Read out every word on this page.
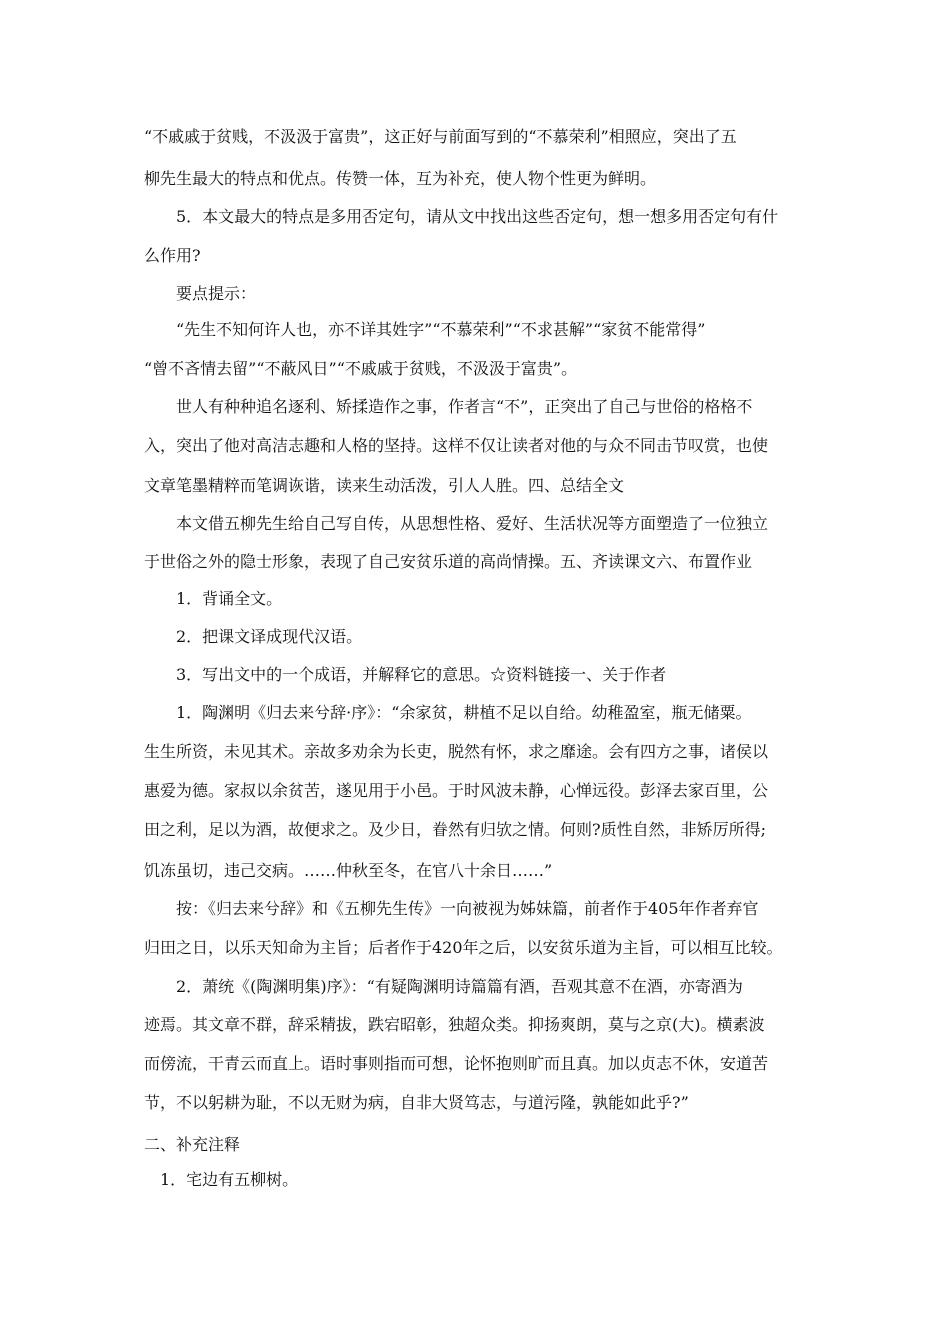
“不戚戚于贫贱，不汲汲于富贵”，这正好与前面写到的“不慕荣利”相照应，突出了五
柳先生最大的特点和优点。传赞一体，互为补充，使人物个性更为鲜明。
5．本文最大的特点是多用否定句，请从文中找出这些否定句，想一想多用否定句有什
么作用?
要点提示：
“先生不知何许人也，亦不详其姓字”“不慕荣利”“不求甚解”“家贫不能常得”
“曾不吝情去留”“不蔽风日”“不戚戚于贫贱，不汲汲于富贵”。
世人有种种追名逐利、矫揉造作之事，作者言“不”，正突出了自己与世俗的格格不
入，突出了他对高洁志趣和人格的坚持。这样不仅让读者对他的与众不同击节叹赏，也使
文章笔墨精粹而笔调诙谐，读来生动活泼，引人人胜。四、总结全文
本文借五柳先生给自己写自传，从思想性格、爱好、生活状况等方面塑造了一位独立
于世俗之外的隐士形象，表现了自己安贫乐道的高尚情操。五、齐读课文六、布置作业
1．背诵全文。
2．把课文译成现代汉语。
3．写出文中的一个成语，并解释它的意思。☆资料链接一、关于作者
1．陶渊明《归去来兮辞·序》：“余家贫，耕植不足以自给。幼稚盈室，瓶无储粟。
生生所资，未见其术。亲故多劝余为长吏，脱然有怀，求之靡途。会有四方之事，诸侯以
惠爱为德。家叔以余贫苦，遂见用于小邑。于时风波未静，心惮远役。彭泽去家百里，公
田之利，足以为酒，故便求之。及少日，眷然有归欤之情。何则?质性自然，非矫厉所得;
饥冻虽切，违己交病。……仲秋至冬，在官八十余日……”
按：《归去来兮辞》和《五柳先生传》一向被视为姊妹篇，前者作于405年作者弃官
归田之日，以乐天知命为主旨；后者作于420年之后，以安贫乐道为主旨，可以相互比较。
2．萧统《(陶渊明集)序》：“有疑陶渊明诗篇篇有酒，吾观其意不在酒，亦寄酒为
迹焉。其文章不群，辞采精拔，跌宕昭彰，独超众类。抑扬爽朗，莫与之京(大)。横素波
而傍流，干青云而直上。语时事则指而可想，论怀抱则旷而且真。加以贞志不休，安道苦
节，不以躬耕为耻，不以无财为病，自非大贤笃志，与道污隆，孰能如此乎?”
二、补充注释
1．宅边有五柳树。
